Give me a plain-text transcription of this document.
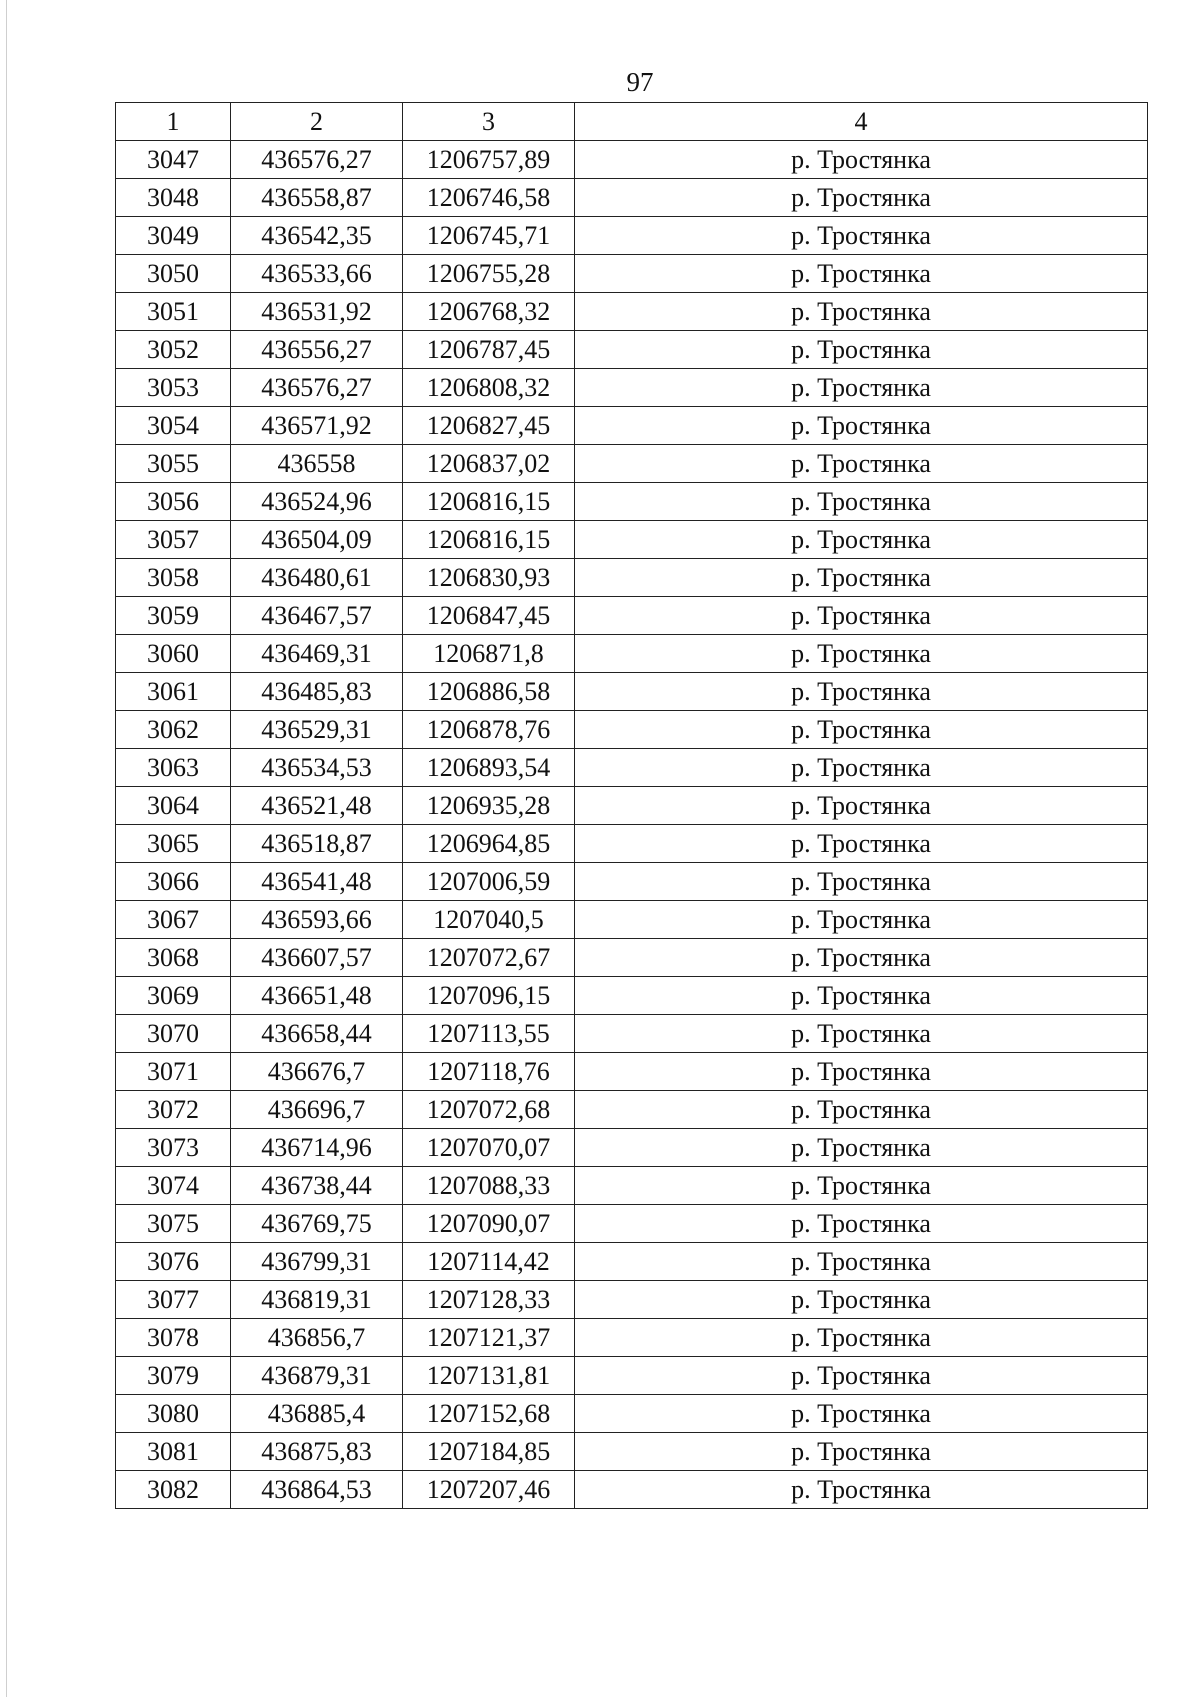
97
1	2	3	4
3047	436576,27	1206757,89	р. Тростянка
3048	436558,87	1206746,58	р. Тростянка
3049	436542,35	1206745,71	р. Тростянка
3050	436533,66	1206755,28	р. Тростянка
3051	436531,92	1206768,32	р. Тростянка
3052	436556,27	1206787,45	р. Тростянка
3053	436576,27	1206808,32	р. Тростянка
3054	436571,92	1206827,45	р. Тростянка
3055	436558	1206837,02	р. Тростянка
3056	436524,96	1206816,15	р. Тростянка
3057	436504,09	1206816,15	р. Тростянка
3058	436480,61	1206830,93	р. Тростянка
3059	436467,57	1206847,45	р. Тростянка
3060	436469,31	1206871,8	р. Тростянка
3061	436485,83	1206886,58	р. Тростянка
3062	436529,31	1206878,76	р. Тростянка
3063	436534,53	1206893,54	р. Тростянка
3064	436521,48	1206935,28	р. Тростянка
3065	436518,87	1206964,85	р. Тростянка
3066	436541,48	1207006,59	р. Тростянка
3067	436593,66	1207040,5	р. Тростянка
3068	436607,57	1207072,67	р. Тростянка
3069	436651,48	1207096,15	р. Тростянка
3070	436658,44	1207113,55	р. Тростянка
3071	436676,7	1207118,76	р. Тростянка
3072	436696,7	1207072,68	р. Тростянка
3073	436714,96	1207070,07	р. Тростянка
3074	436738,44	1207088,33	р. Тростянка
3075	436769,75	1207090,07	р. Тростянка
3076	436799,31	1207114,42	р. Тростянка
3077	436819,31	1207128,33	р. Тростянка
3078	436856,7	1207121,37	р. Тростянка
3079	436879,31	1207131,81	р. Тростянка
3080	436885,4	1207152,68	р. Тростянка
3081	436875,83	1207184,85	р. Тростянка
3082	436864,53	1207207,46	р. Тростянка
